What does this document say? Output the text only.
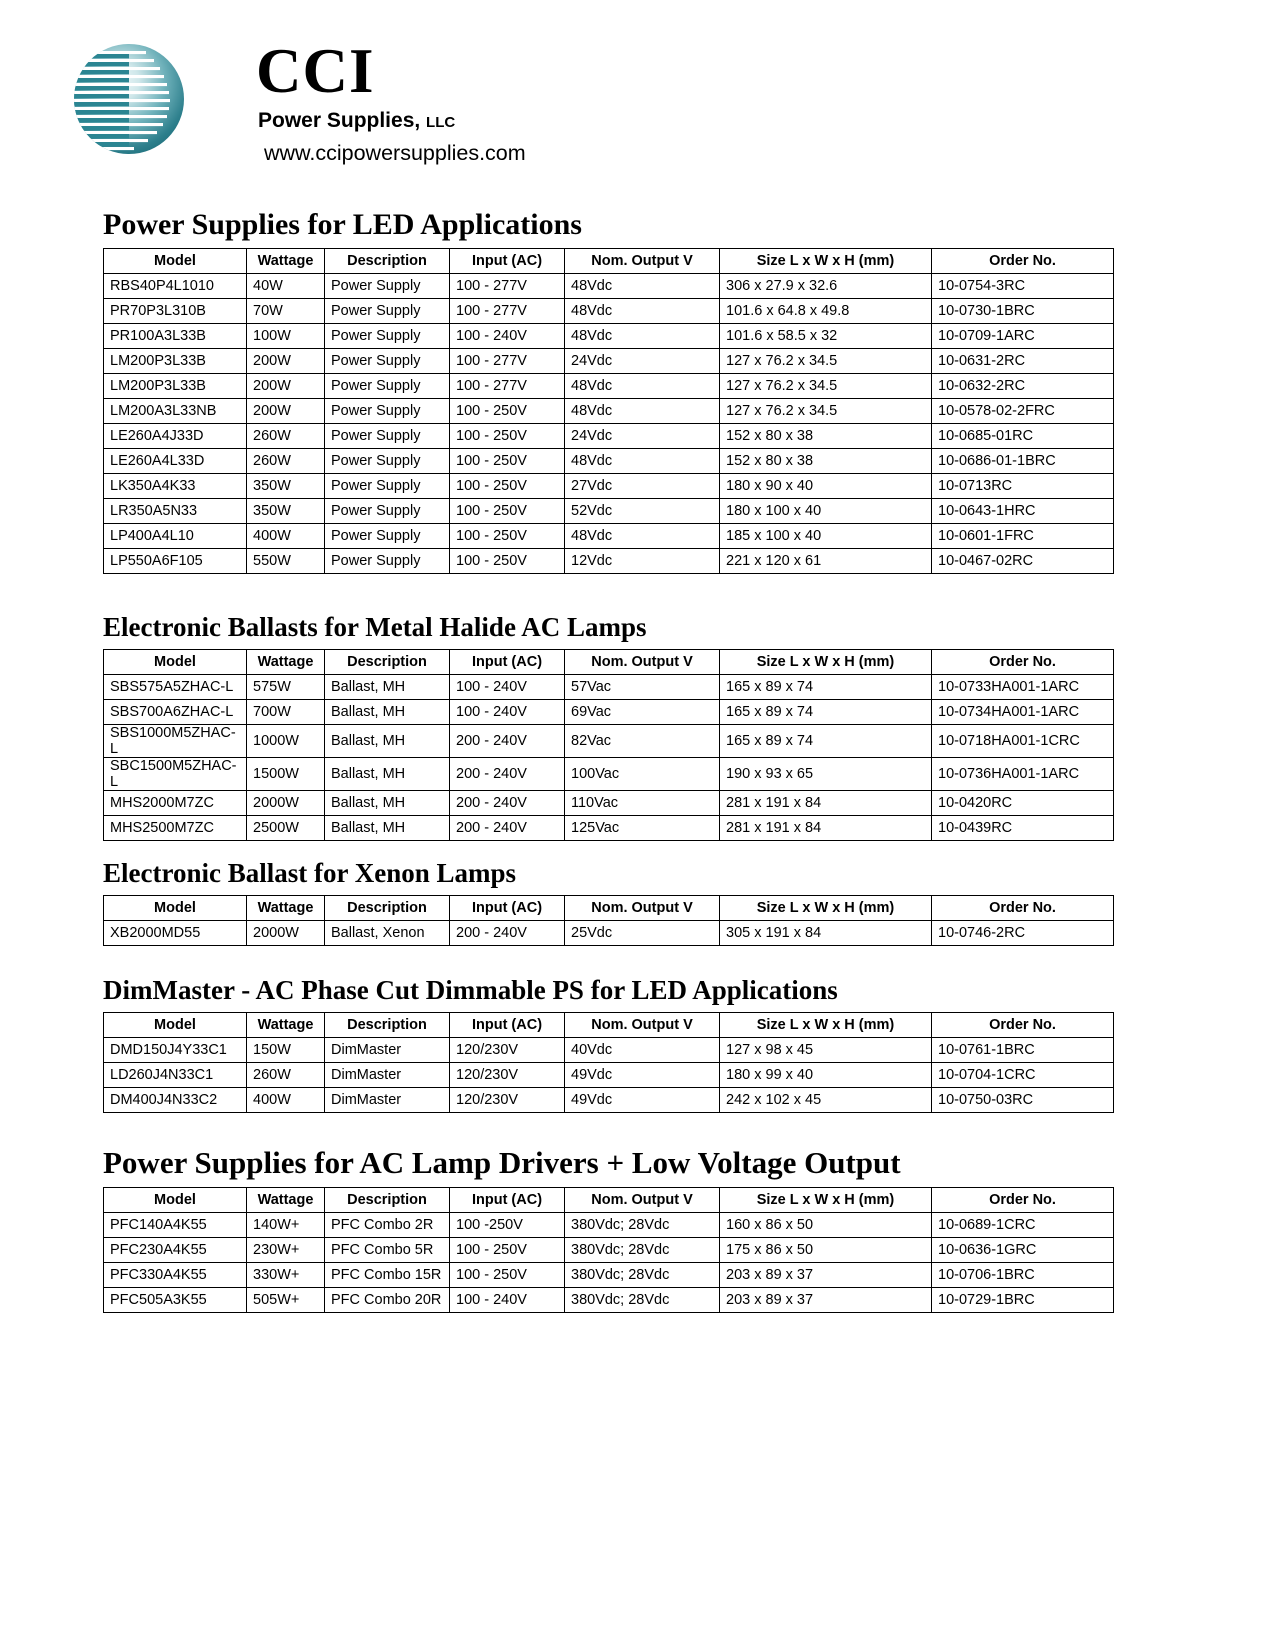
CCI
Power Supplies, LLC
www.ccipowersupplies.com
Power Supplies for LED Applications
Model	Wattage	Description	Input (AC)	Nom. Output V	Size L x W x H (mm)	Order No.
RBS40P4L1010	40W	Power Supply	100 - 277V	48Vdc	306 x 27.9 x 32.6	10-0754-3RC
PR70P3L310B	70W	Power Supply	100 - 277V	48Vdc	101.6 x 64.8 x 49.8	10-0730-1BRC
PR100A3L33B	100W	Power Supply	100 - 240V	48Vdc	101.6 x 58.5 x 32	10-0709-1ARC
LM200P3L33B	200W	Power Supply	100 - 277V	24Vdc	127 x 76.2 x 34.5	10-0631-2RC
LM200P3L33B	200W	Power Supply	100 - 277V	48Vdc	127 x 76.2 x 34.5	10-0632-2RC
LM200A3L33NB	200W	Power Supply	100 - 250V	48Vdc	127 x 76.2 x 34.5	10-0578-02-2FRC
LE260A4J33D	260W	Power Supply	100 - 250V	24Vdc	152 x 80 x 38	10-0685-01RC
LE260A4L33D	260W	Power Supply	100 - 250V	48Vdc	152 x 80 x 38	10-0686-01-1BRC
LK350A4K33	350W	Power Supply	100 - 250V	27Vdc	180 x 90 x 40	10-0713RC
LR350A5N33	350W	Power Supply	100 - 250V	52Vdc	180 x 100 x 40	10-0643-1HRC
LP400A4L10	400W	Power Supply	100 - 250V	48Vdc	185 x 100 x 40	10-0601-1FRC
LP550A6F105	550W	Power Supply	100 - 250V	12Vdc	221 x 120 x 61	10-0467-02RC
Electronic Ballasts for Metal Halide AC Lamps
Model	Wattage	Description	Input (AC)	Nom. Output V	Size L x W x H (mm)	Order No.
SBS575A5ZHAC-L	575W	Ballast, MH	100 - 240V	57Vac	165 x 89 x 74	10-0733HA001-1ARC
SBS700A6ZHAC-L	700W	Ballast, MH	100 - 240V	69Vac	165 x 89 x 74	10-0734HA001-1ARC
SBS1000M5ZHAC-L	1000W	Ballast, MH	200 - 240V	82Vac	165 x 89 x 74	10-0718HA001-1CRC
SBC1500M5ZHAC-L	1500W	Ballast, MH	200 - 240V	100Vac	190 x 93 x 65	10-0736HA001-1ARC
MHS2000M7ZC	2000W	Ballast, MH	200 - 240V	110Vac	281 x 191 x 84	10-0420RC
MHS2500M7ZC	2500W	Ballast, MH	200 - 240V	125Vac	281 x 191 x 84	10-0439RC
Electronic Ballast for Xenon Lamps
Model	Wattage	Description	Input (AC)	Nom. Output V	Size L x W x H (mm)	Order No.
XB2000MD55	2000W	Ballast, Xenon	200 - 240V	25Vdc	305 x 191 x 84	10-0746-2RC
DimMaster - AC Phase Cut Dimmable PS for LED Applications
Model	Wattage	Description	Input (AC)	Nom. Output V	Size L x W x H (mm)	Order No.
DMD150J4Y33C1	150W	DimMaster	120/230V	40Vdc	127 x 98 x 45	10-0761-1BRC
LD260J4N33C1	260W	DimMaster	120/230V	49Vdc	180 x 99 x 40	10-0704-1CRC
DM400J4N33C2	400W	DimMaster	120/230V	49Vdc	242 x 102 x 45	10-0750-03RC
Power Supplies for AC Lamp Drivers + Low Voltage Output
Model	Wattage	Description	Input (AC)	Nom. Output V	Size L x W x H (mm)	Order No.
PFC140A4K55	140W+	PFC Combo 2R	100 -250V	380Vdc; 28Vdc	160 x 86 x 50	10-0689-1CRC
PFC230A4K55	230W+	PFC Combo 5R	100 - 250V	380Vdc; 28Vdc	175 x 86 x 50	10-0636-1GRC
PFC330A4K55	330W+	PFC Combo 15R	100 - 250V	380Vdc; 28Vdc	203 x 89 x 37	10-0706-1BRC
PFC505A3K55	505W+	PFC Combo 20R	100 - 240V	380Vdc; 28Vdc	203 x 89 x 37	10-0729-1BRC
